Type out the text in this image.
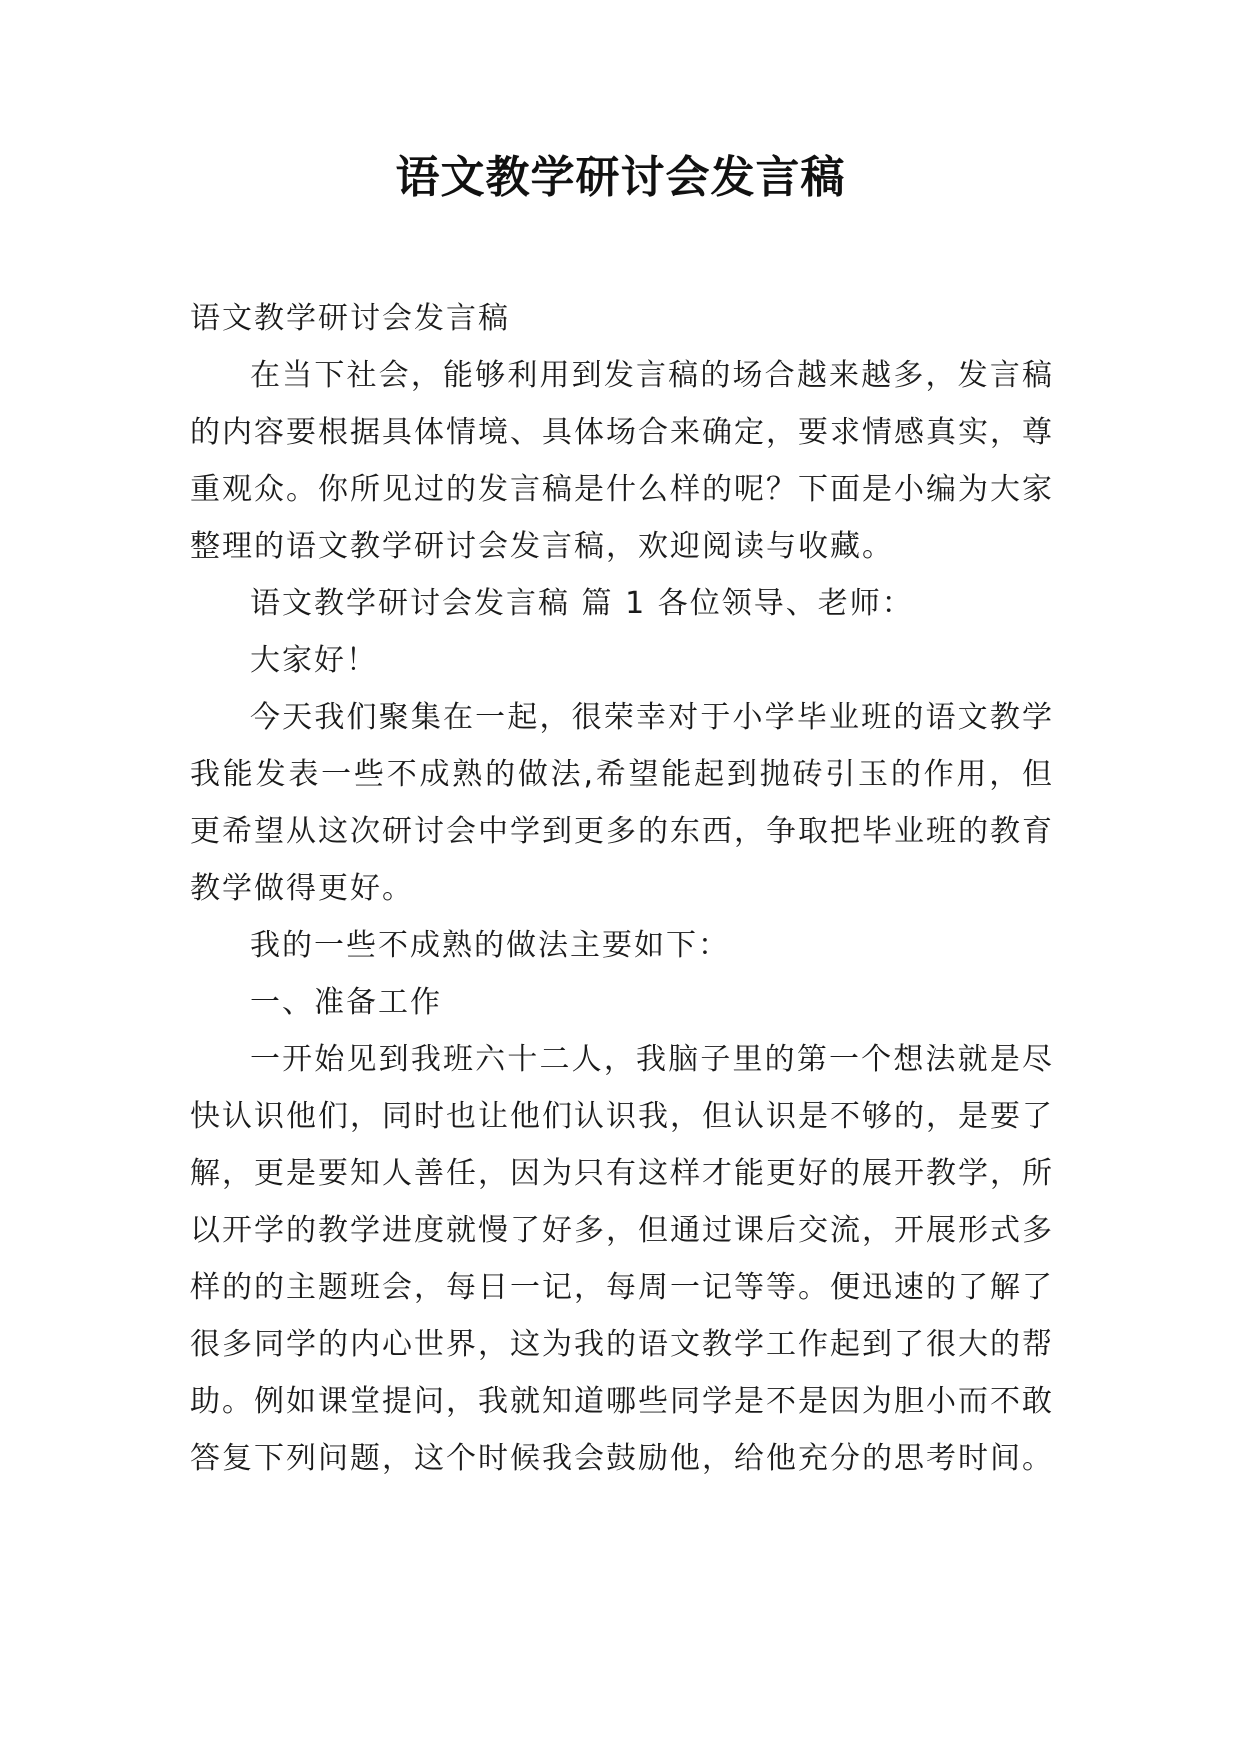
语文教学研讨会发言稿

语文教学研讨会发言稿

在当下社会，能够利用到发言稿的场合越来越多，发言稿的内容要根据具体情境、具体场合来确定，要求情感真实，尊重观众。你所见过的发言稿是什么样的呢？下面是小编为大家整理的语文教学研讨会发言稿，欢迎阅读与收藏。

语文教学研讨会发言稿 篇 1 各位领导、老师：

大家好！

今天我们聚集在一起，很荣幸对于小学毕业班的语文教学我能发表一些不成熟的做法,希望能起到抛砖引玉的作用，但更希望从这次研讨会中学到更多的东西，争取把毕业班的教育教学做得更好。

我的一些不成熟的做法主要如下：

一、准备工作

一开始见到我班六十二人，我脑子里的第一个想法就是尽快认识他们，同时也让他们认识我，但认识是不够的，是要了解，更是要知人善任，因为只有这样才能更好的展开教学，所以开学的教学进度就慢了好多，但通过课后交流，开展形式多样的的主题班会，每日一记，每周一记等等。便迅速的了解了很多同学的内心世界，这为我的语文教学工作起到了很大的帮助。例如课堂提问，我就知道哪些同学是不是因为胆小而不敢答复下列问题，这个时候我会鼓励他，给他充分的思考时间。
